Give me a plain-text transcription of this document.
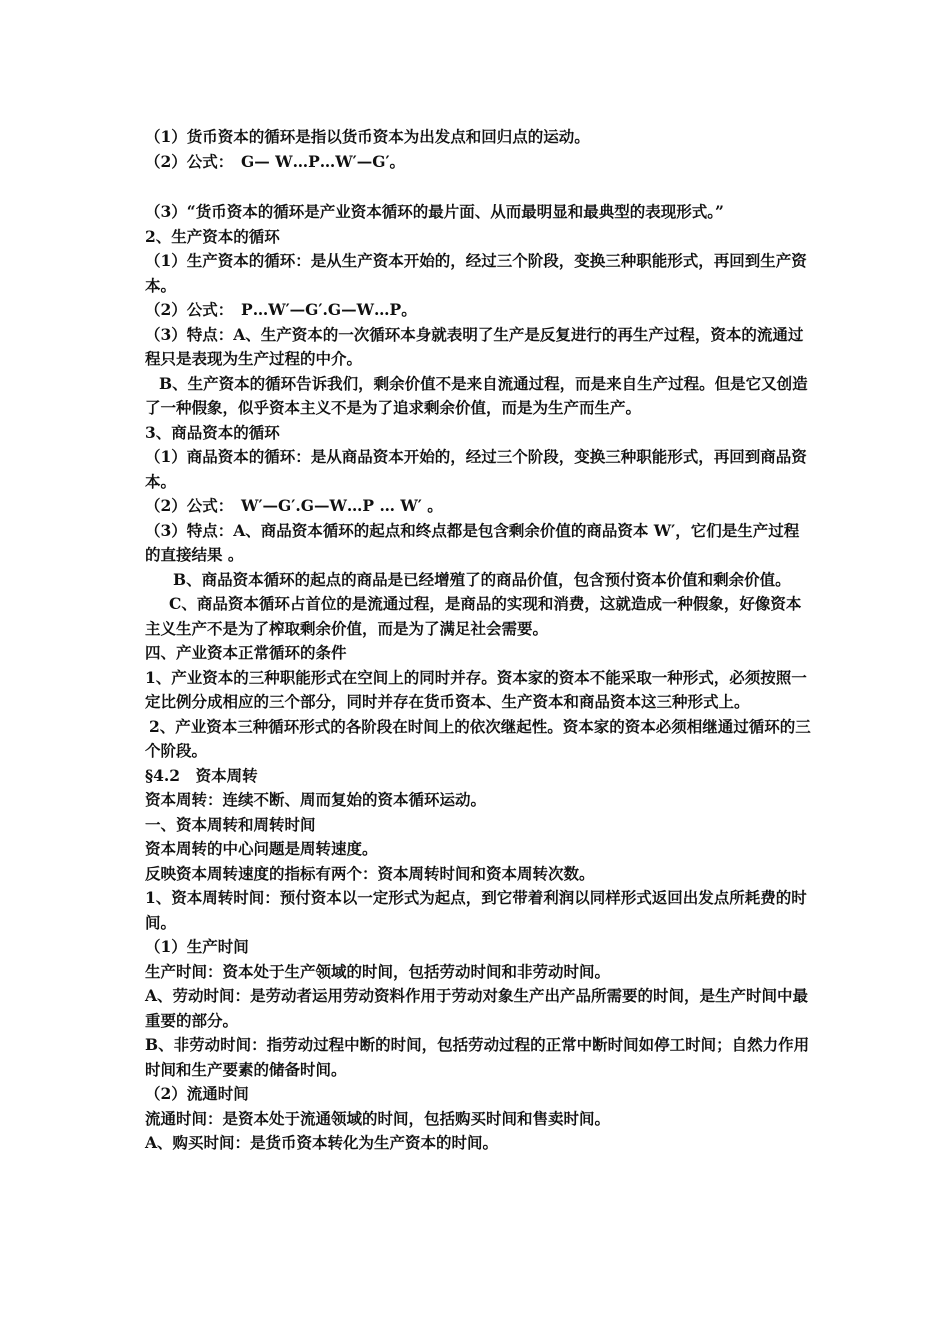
（1）货币资本的循环是指以货币资本为出发点和回归点的运动。

（2）公式：　G— W…P…W′—G′。

（3）“货币资本的循环是产业资本循环的最片面、从而最明显和最典型的表现形式。”

2、生产资本的循环

（1）生产资本的循环：是从生产资本开始的，经过三个阶段，变换三种职能形式，再回到生产资本。

（2）公式：　P…W′—G′.G—W…P。

（3）特点：A、生产资本的一次循环本身就表明了生产是反复进行的再生产过程，资本的流通过程只是表现为生产过程的中介。

B、生产资本的循环告诉我们，剩余价值不是来自流通过程，而是来自生产过程。但是它又创造了一种假象，似乎资本主义不是为了追求剩余价值，而是为生产而生产。

3、商品资本的循环

（1）商品资本的循环：是从商品资本开始的，经过三个阶段，变换三种职能形式，再回到商品资本。

（2）公式：　W′—G′.G—W…P … W′ 。

（3）特点：A、商品资本循环的起点和终点都是包含剩余价值的商品资本 W′，它们是生产过程的直接结果 。

B、商品资本循环的起点的商品是已经增殖了的商品价值，包含预付资本价值和剩余价值。

C、商品资本循环占首位的是流通过程，是商品的实现和消费，这就造成一种假象，好像资本主义生产不是为了榨取剩余价值，而是为了满足社会需要。

四、产业资本正常循环的条件

1、产业资本的三种职能形式在空间上的同时并存。资本家的资本不能采取一种形式，必须按照一定比例分成相应的三个部分，同时并存在货币资本、生产资本和商品资本这三种形式上。

2、产业资本三种循环形式的各阶段在时间上的依次继起性。资本家的资本必须相继通过循环的三个阶段。

§4.2　资本周转

资本周转：连续不断、周而复始的资本循环运动。

一、资本周转和周转时间

资本周转的中心问题是周转速度。

反映资本周转速度的指标有两个：资本周转时间和资本周转次数。

1、资本周转时间：预付资本以一定形式为起点，到它带着利润以同样形式返回出发点所耗费的时间。

（1）生产时间

生产时间：资本处于生产领域的时间，包括劳动时间和非劳动时间。

A、劳动时间：是劳动者运用劳动资料作用于劳动对象生产出产品所需要的时间，是生产时间中最重要的部分。

B、非劳动时间：指劳动过程中断的时间，包括劳动过程的正常中断时间如停工时间；自然力作用时间和生产要素的储备时间。

（2）流通时间

流通时间：是资本处于流通领域的时间，包括购买时间和售卖时间。

A、购买时间：是货币资本转化为生产资本的时间。
